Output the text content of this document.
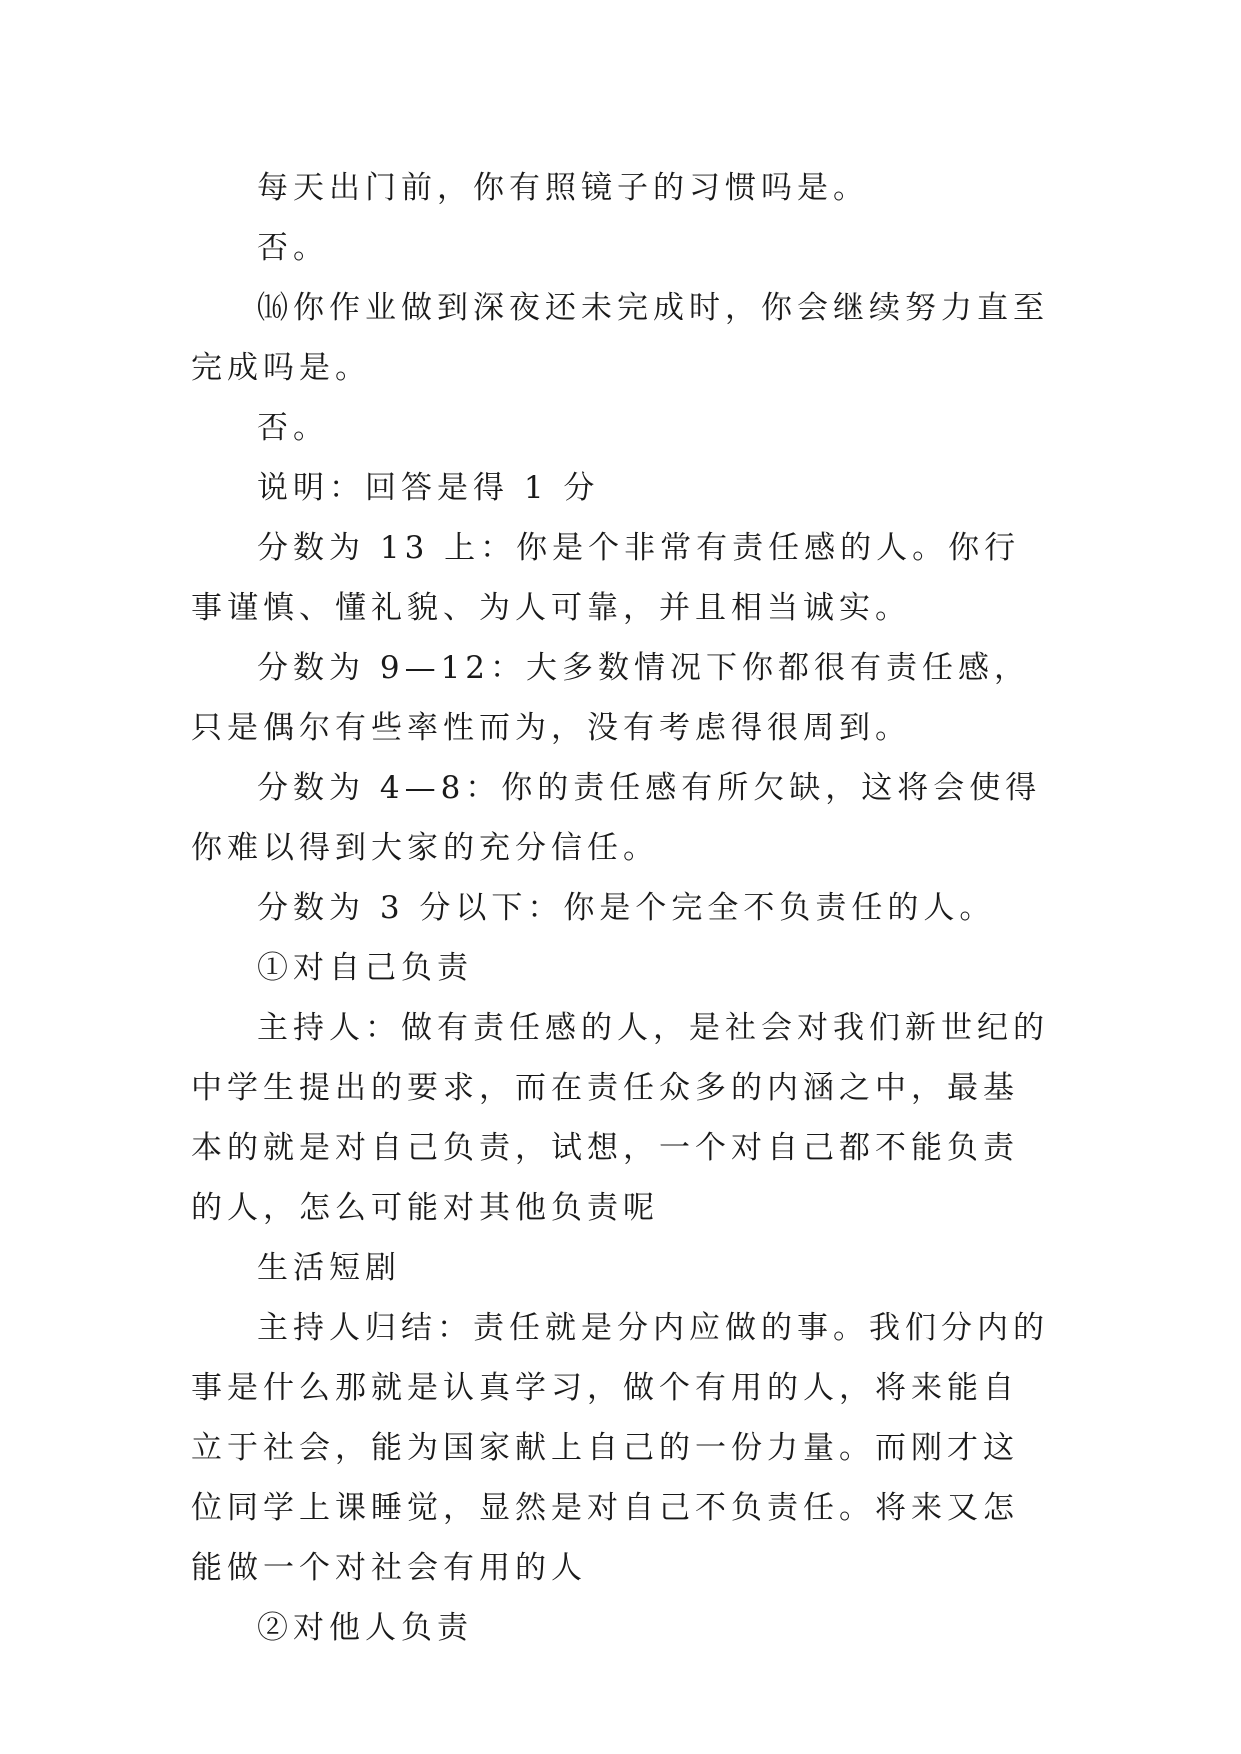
每天出门前，你有照镜子的习惯吗是。

否。

⒃你作业做到深夜还未完成时，你会继续努力直至完成吗是。

否。

说明：回答是得 1 分

分数为 13 上：你是个非常有责任感的人。你行事谨慎、懂礼貌、为人可靠，并且相当诚实。

分数为 9—12：大多数情况下你都很有责任感，只是偶尔有些率性而为，没有考虑得很周到。

分数为 4—8：你的责任感有所欠缺，这将会使得你难以得到大家的充分信任。

分数为 3 分以下：你是个完全不负责任的人。

①对自己负责

主持人：做有责任感的人，是社会对我们新世纪的中学生提出的要求，而在责任众多的内涵之中，最基本的就是对自己负责，试想，一个对自己都不能负责的人，怎么可能对其他负责呢

生活短剧

主持人归结：责任就是分内应做的事。我们分内的事是什么那就是认真学习，做个有用的人，将来能自立于社会，能为国家献上自己的一份力量。而刚才这位同学上课睡觉，显然是对自己不负责任。将来又怎能做一个对社会有用的人

②对他人负责
